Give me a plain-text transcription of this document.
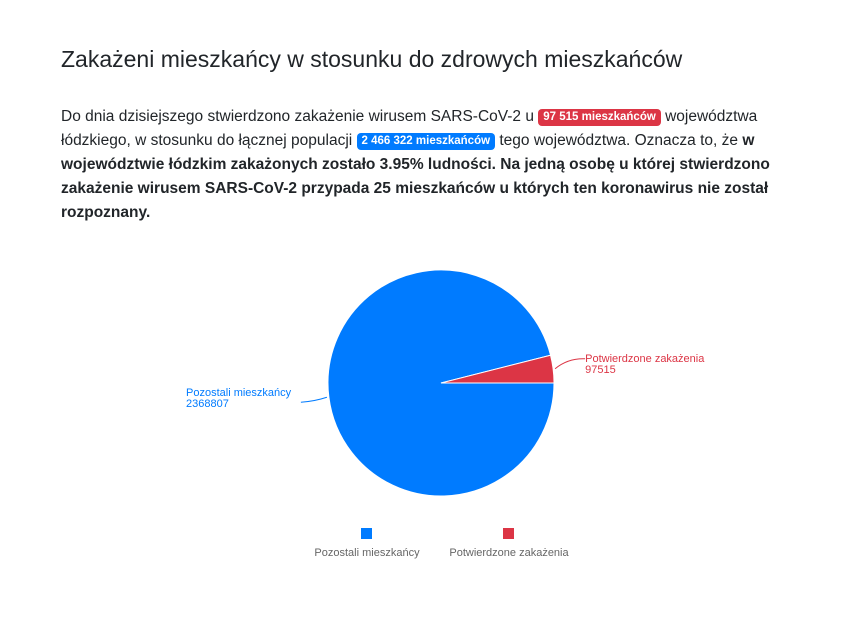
Zakażeni mieszkańcy w stosunku do zdrowych mieszkańców

Do dnia dzisiejszego stwierdzono zakażenie wirusem SARS-CoV-2 u 97 515 mieszkańców województwa łódzkiego, w stosunku do łącznej populacji 2 466 322 mieszkańców tego województwa. Oznacza to, że w województwie łódzkim zakażonych zostało 3.95% ludności. Na jedną osobę u której stwierdzono zakażenie wirusem SARS-CoV-2 przypada 25 mieszkańców u których ten koronawirus nie został rozpoznany.

Potwierdzone zakażenia 97515
Pozostali mieszkańcy 2368807
Pozostali mieszkańcy	Potwierdzone zakażenia
